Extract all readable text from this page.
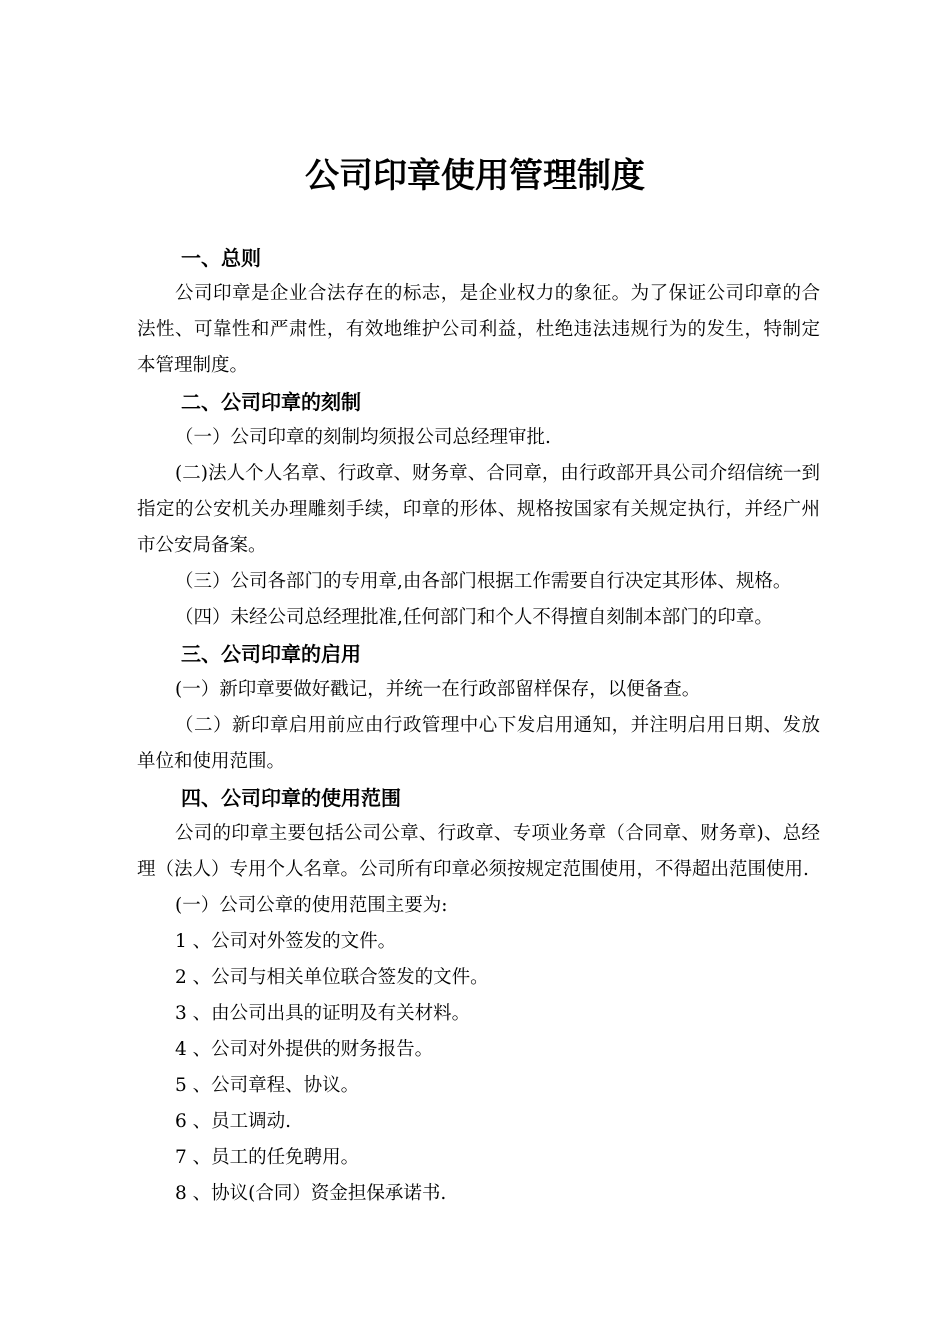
公司印章使用管理制度
一、总则

公司印章是企业合法存在的标志，是企业权力的象征。为了保证公司印章的合法性、可靠性和严肃性，有效地维护公司利益，杜绝违法违规行为的发生，特制定本管理制度。

二、公司印章的刻制

（一）公司印章的刻制均须报公司总经理审批.

(二)法人个人名章、行政章、财务章、合同章，由行政部开具公司介绍信统一到指定的公安机关办理雕刻手续，印章的形体、规格按国家有关规定执行，并经广州市公安局备案。

（三）公司各部门的专用章,由各部门根据工作需要自行决定其形体、规格。

（四）未经公司总经理批准,任何部门和个人不得擅自刻制本部门的印章。

三、公司印章的启用

(一）新印章要做好戳记，并统一在行政部留样保存，以便备查。

（二）新印章启用前应由行政管理中心下发启用通知，并注明启用日期、发放单位和使用范围。

四、公司印章的使用范围

公司的印章主要包括公司公章、行政章、专项业务章（合同章、财务章)、总经理（法人）专用个人名章。公司所有印章必须按规定范围使用，不得超出范围使用.

(一）公司公章的使用范围主要为:

1 、公司对外签发的文件。
2 、公司与相关单位联合签发的文件。
3 、由公司出具的证明及有关材料。
4 、公司对外提供的财务报告。
5 、公司章程、协议。
6 、员工调动.
7 、员工的任免聘用。
8 、协议(合同）资金担保承诺书.
